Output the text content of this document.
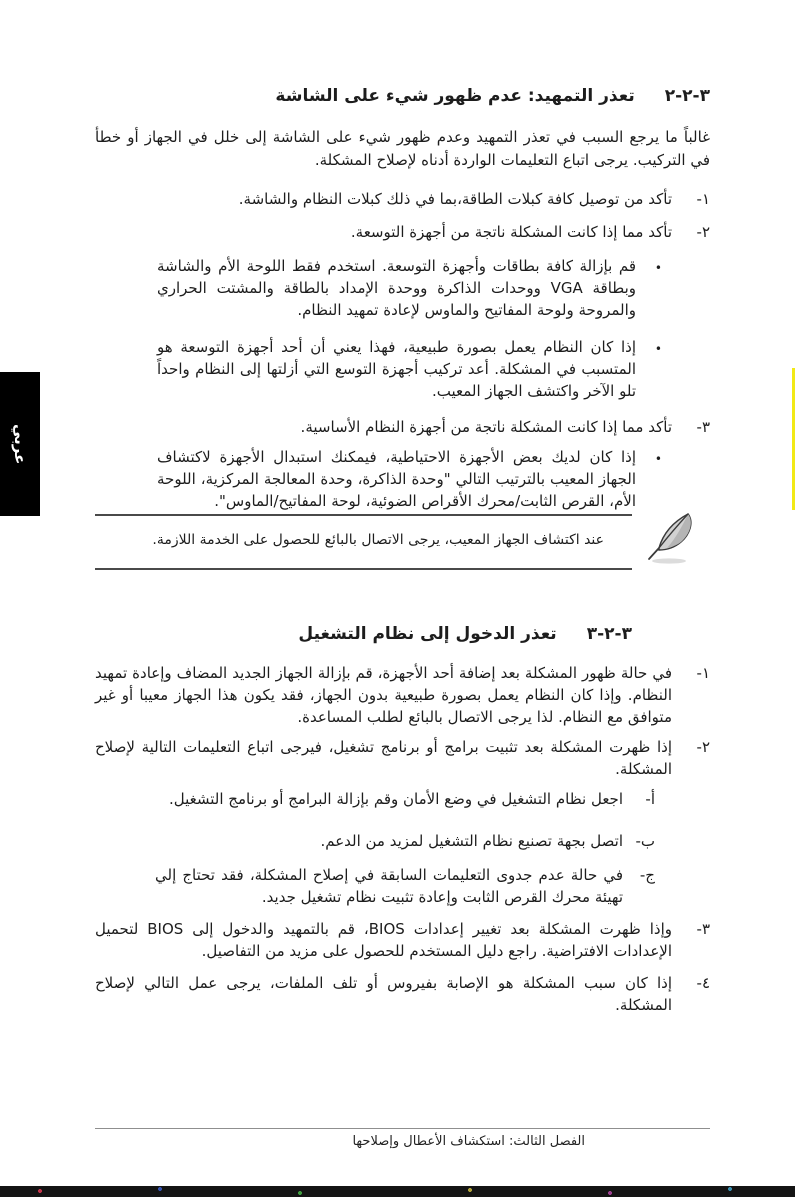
عربي
٣-٢-٢
تعذر التمهيد: عدم ظهور شيء على الشاشة

غالباً ما يرجع السبب في تعذر التمهيد وعدم ظهور شيء على الشاشة إلى خلل في الجهاز أو خطأ في التركيب. يرجى اتباع التعليمات الواردة أدناه لإصلاح المشكلة.

١-
تأكد من توصيل كافة كبلات الطاقة،بما في ذلك كبلات النظام والشاشة.
٢-
تأكد مما إذا كانت المشكلة ناتجة من أجهزة التوسعة.
•
قم بإزالة كافة بطاقات وأجهزة التوسعة. استخدم فقط اللوحة الأم والشاشة وبطاقة VGA ووحدات الذاكرة ووحدة الإمداد بالطاقة والمشتت الحراري والمروحة ولوحة المفاتيح والماوس لإعادة تمهيد النظام.
•
إذا كان النظام يعمل بصورة طبيعية، فهذا يعني أن أحد أجهزة التوسعة هو المتسبب في المشكلة. أعد تركيب أجهزة التوسع التي أزلتها إلى النظام واحداً تلو الآخر واكتشف الجهاز المعيب.
٣-
تأكد مما إذا كانت المشكلة ناتجة من أجهزة النظام الأساسية.
•
إذا كان لديك بعض الأجهزة الاحتياطية، فيمكنك استبدال الأجهزة لاكتشاف الجهاز المعيب بالترتيب التالي "وحدة الذاكرة، وحدة المعالجة المركزية، اللوحة الأم، القرص الثابت/محرك الأقراص الضوئية، لوحة المفاتيح/الماوس".
عند اكتشاف الجهاز المعيب، يرجى الاتصال بالبائع للحصول على الخدمة اللازمة.
٣-٢-٣
تعذر الدخول إلى نظام التشغيل
١-
في حالة ظهور المشكلة بعد إضافة أحد الأجهزة، قم بإزالة الجهاز الجديد المضاف وإعادة تمهيد النظام. وإذا كان النظام يعمل بصورة طبيعية بدون الجهاز، فقد يكون هذا الجهاز معيبا أو غير متوافق مع النظام. لذا يرجى الاتصال بالبائع لطلب المساعدة.
٢-
إذا ظهرت المشكلة بعد تثبيت برامج أو برنامج تشغيل، فيرجى اتباع التعليمات التالية لإصلاح المشكلة.
أ-
اجعل نظام التشغيل في وضع الأمان وقم بإزالة البرامج أو برنامج التشغيل.
ب-
اتصل بجهة تصنيع نظام التشغيل لمزيد من الدعم.
ج-
في حالة عدم جدوى التعليمات السابقة في إصلاح المشكلة، فقد تحتاج إلي تهيئة محرك القرص الثابت وإعادة تثبيت نظام تشغيل جديد.
٣-
وإذا ظهرت المشكلة بعد تغيير إعدادات BIOS، قم بالتمهيد والدخول إلى BIOS لتحميل الإعدادات الافتراضية. راجع دليل المستخدم للحصول على مزيد من التفاصيل.
٤-
إذا كان سبب المشكلة هو الإصابة بفيروس أو تلف الملفات، يرجى عمل التالي لإصلاح المشكلة.
الفصل الثالث: استكشاف الأعطال وإصلاحها
